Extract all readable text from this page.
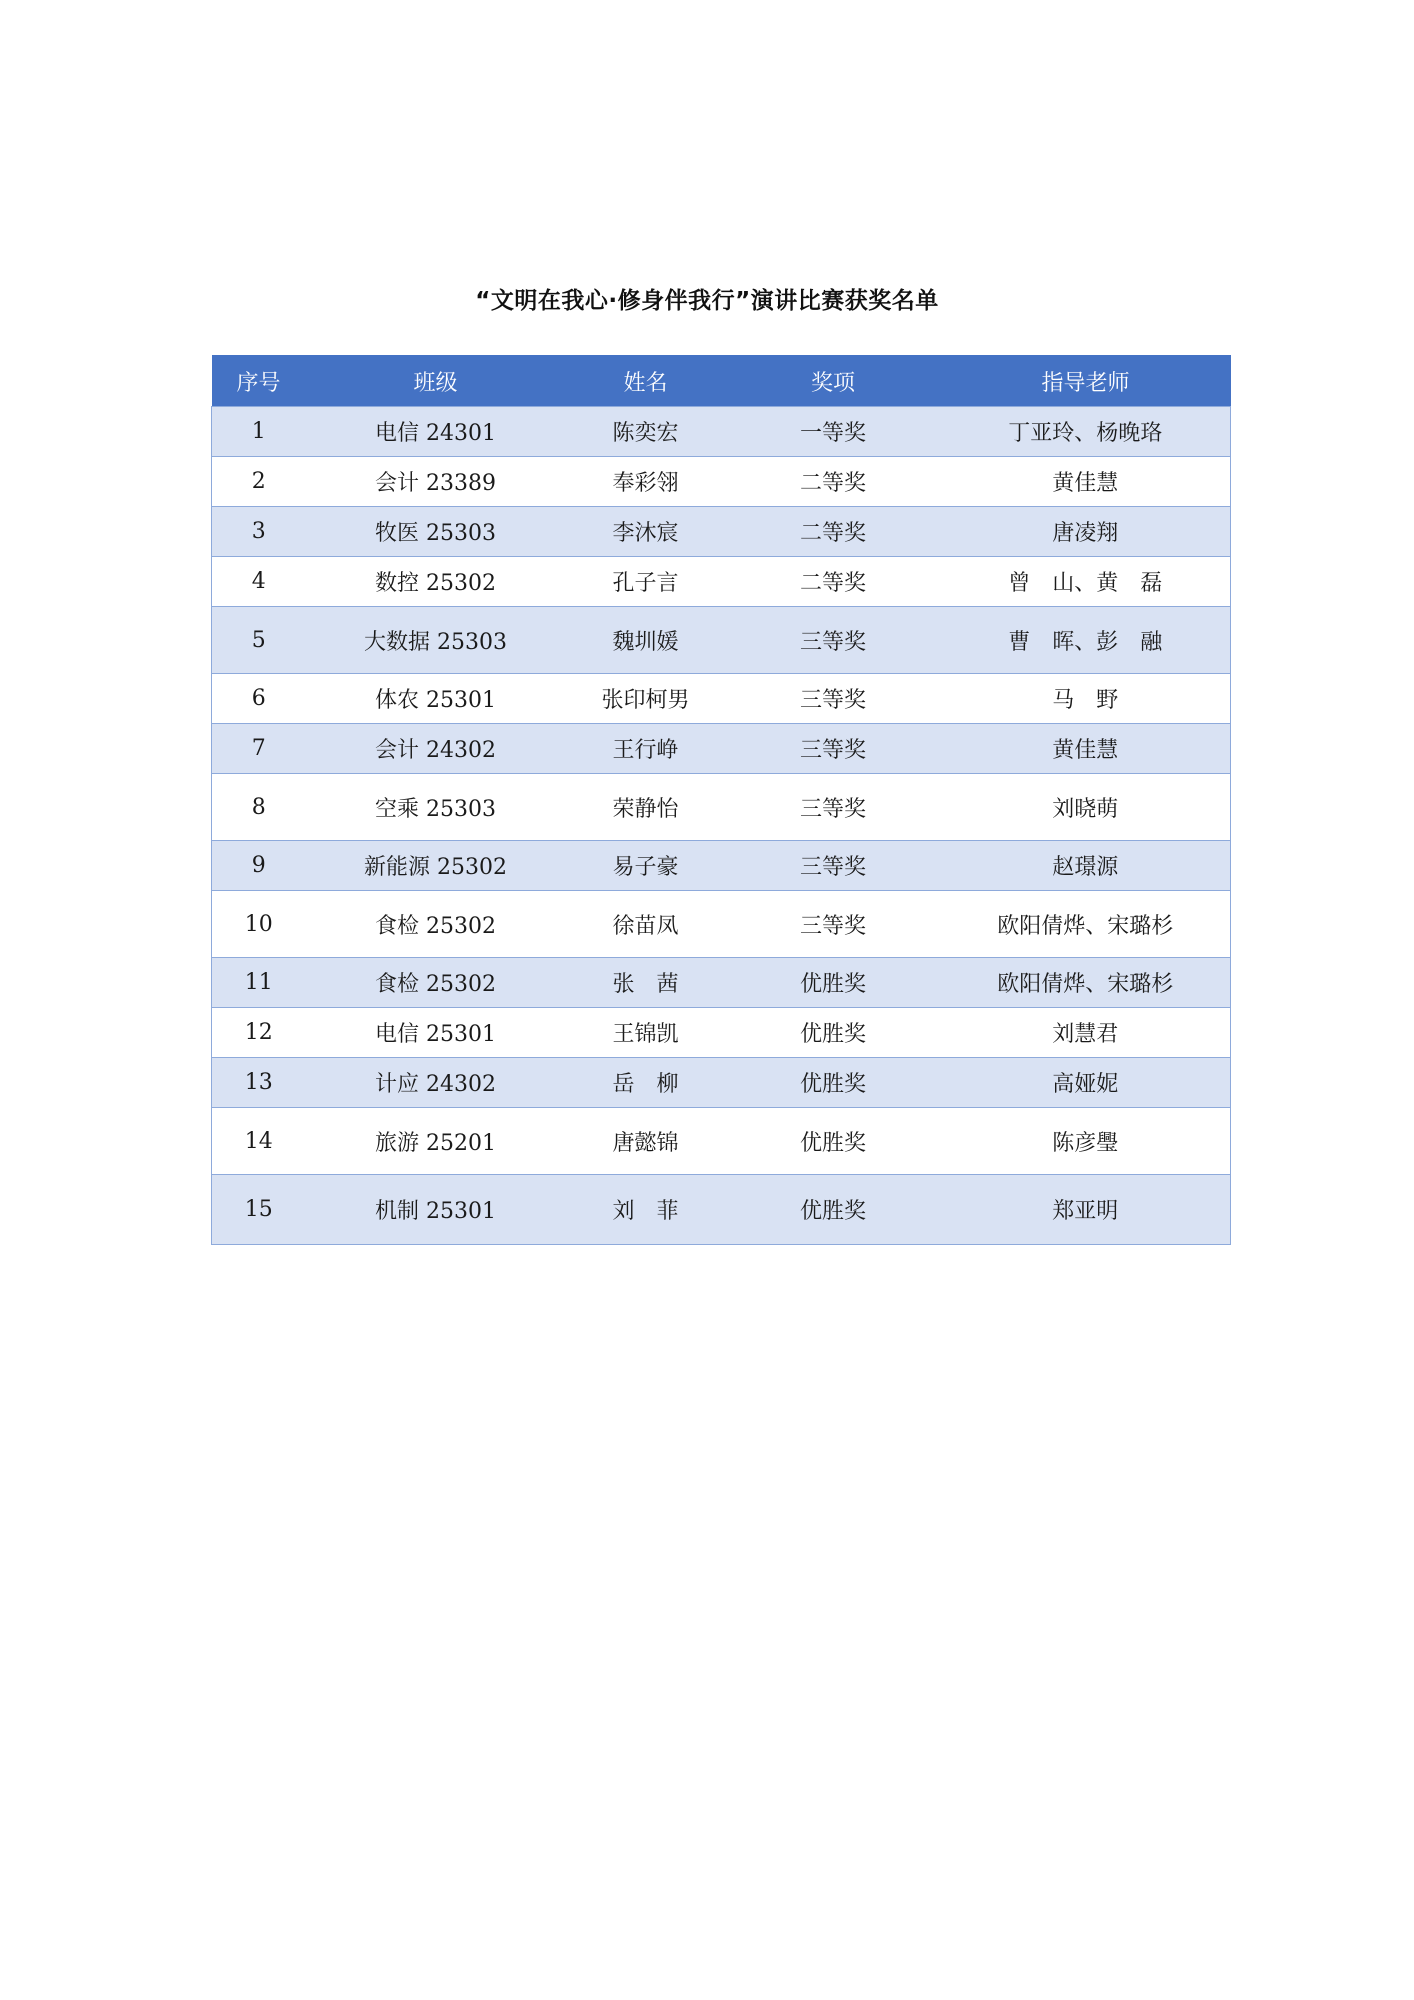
“文明在我心·修身伴我行”演讲比赛获奖名单
序号	班级	姓名	奖项	指导老师
1	电信 24301	陈奕宏	一等奖	丁亚玲、杨晚珞
2	会计 23389	奉彩翎	二等奖	黄佳慧
3	牧医 25303	李沐宸	二等奖	唐凌翔
4	数控 25302	孔子言	二等奖	曾　山、黄　磊
5	大数据 25303	魏圳媛	三等奖	曹　晖、彭　融
6	体农 25301	张印柯男	三等奖	马　野
7	会计 24302	王行峥	三等奖	黄佳慧
8	空乘 25303	荣静怡	三等奖	刘晓萌
9	新能源 25302	易子豪	三等奖	赵璟源
10	食检 25302	徐苗凤	三等奖	欧阳倩烨、宋璐杉
11	食检 25302	张　茜	优胜奖	欧阳倩烨、宋璐杉
12	电信 25301	王锦凯	优胜奖	刘慧君
13	计应 24302	岳　柳	优胜奖	高娅妮
14	旅游 25201	唐懿锦	优胜奖	陈彦璺
15	机制 25301	刘　菲	优胜奖	郑亚明
